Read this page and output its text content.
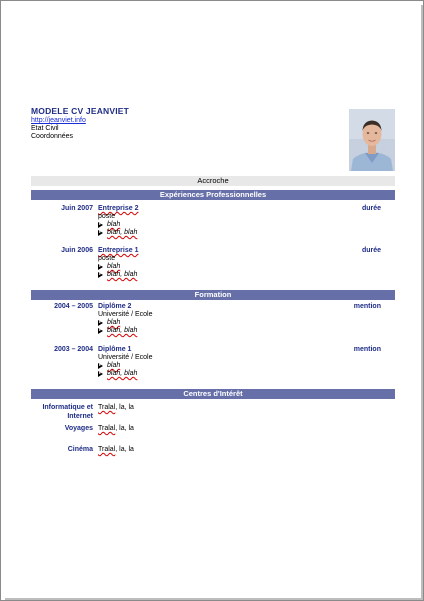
MODELE CV JEANVIET
http://jeanviet.info
Etat Civil
Coordonnées
Accroche
Expériences Professionnelles
Juin 2007 Entreprise 2
poste
blah
blah, blah
durée
Juin 2006 Entreprise 1
poste
blah
blah, blah
durée
Formation
2004 – 2005 Diplôme 2
Université / Ecole
blah
blah, blah
mention
2003 – 2004 Diplôme 1
Université / Ecole
blah
blah, blah
mention
Centres d'Intérêt
Informatique et
Internet
Tralal, la, la
Voyages Tralal, la, la
Cinéma Tralal, la, la
